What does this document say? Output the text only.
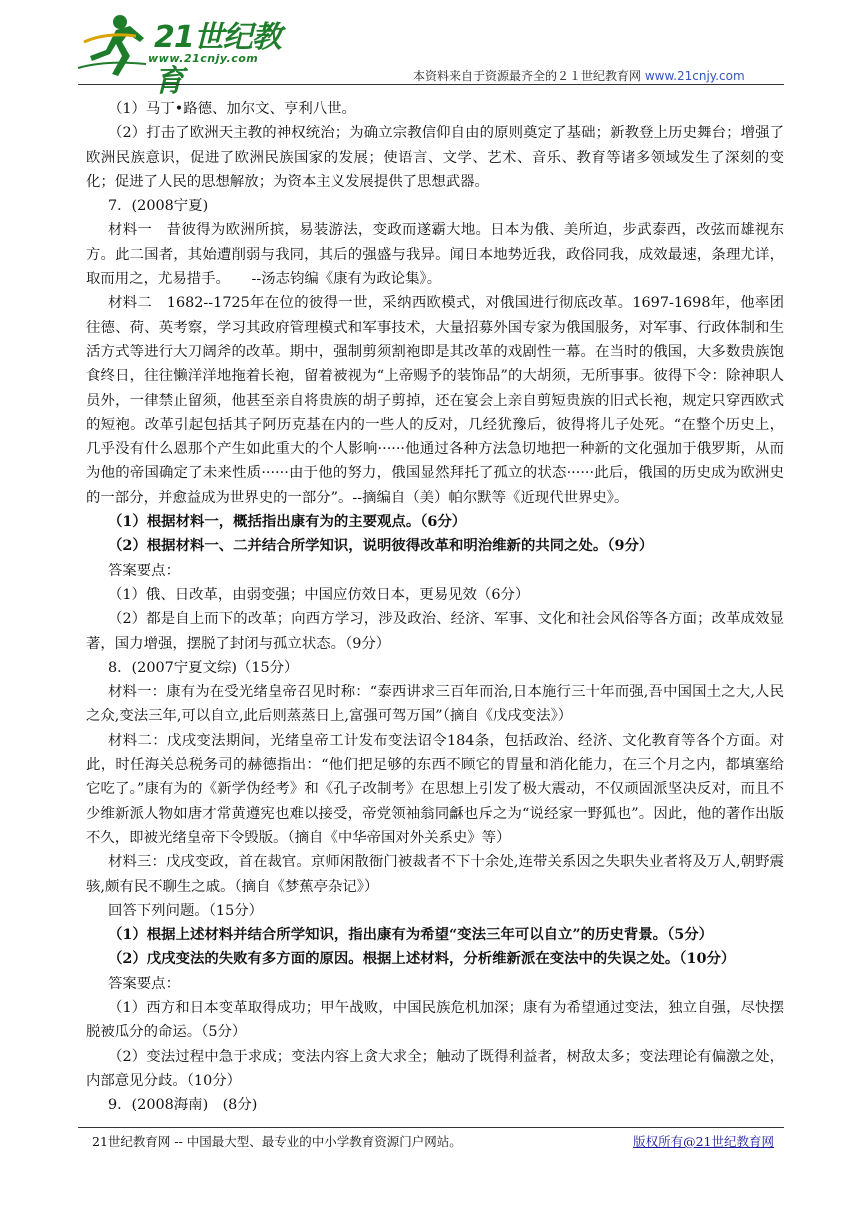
21世纪教育
www.21cnjy.com
本资料来自于资源最齐全的２１世纪教育网 www.21cnjy.com

（1）马丁•路德、加尔文、亨利八世。

（2）打击了欧洲天主教的神权统治；为确立宗教信仰自由的原则奠定了基础；新教登上历史舞台；增强了欧洲民族意识，促进了欧洲民族国家的发展；使语言、文学、艺术、音乐、教育等诸多领域发生了深刻的变化；促进了人民的思想解放；为资本主义发展提供了思想武器。

7．(2008宁夏)

材料一　昔彼得为欧洲所摈，易装游法，变政而遂霸大地。日本为俄、美所迫，步武泰西，改弦而雄视东方。此二国者，其始遭削弱与我同，其后的强盛与我异。闻日本地势近我，政俗同我，成效最速，条理尤详，取而用之，尤易措手。　　--汤志钧编《康有为政论集》。

材料二　1682--1725年在位的彼得一世，采纳西欧模式，对俄国进行彻底改革。1697-1698年，他率团往德、荷、英考察，学习其政府管理模式和军事技术，大量招募外国专家为俄国服务，对军事、行政体制和生活方式等进行大刀阔斧的改革。期中，强制剪须割袍即是其改革的戏剧性一幕。在当时的俄国，大多数贵族饱食终日，往往懒洋洋地拖着长袍，留着被视为“上帝赐予的装饰品”的大胡须，无所事事。彼得下令：除神职人员外，一律禁止留须，他甚至亲自将贵族的胡子剪掉，还在宴会上亲自剪短贵族的旧式长袍，规定只穿西欧式的短袍。改革引起包括其子阿历克基在内的一些人的反对，几经犹豫后，彼得将儿子处死。“在整个历史上，几乎没有什么恩那个产生如此重大的个人影响······他通过各种方法急切地把一种新的文化强加于俄罗斯，从而为他的帝国确定了未来性质······由于他的努力，俄国显然拜托了孤立的状态······此后，俄国的历史成为欧洲史的一部分，并愈益成为世界史的一部分”。--摘编自（美）帕尔默等《近现代世界史》。

（1）根据材料一，概括指出康有为的主要观点。（6分）

（2）根据材料一、二并结合所学知识，说明彼得改革和明治维新的共同之处。（9分）

答案要点：

（1）俄、日改革，由弱变强；中国应仿效日本，更易见效（6分）

（2）都是自上而下的改革；向西方学习，涉及政治、经济、军事、文化和社会风俗等各方面；改革成效显著，国力增强，摆脱了封闭与孤立状态。（9分）

8．(2007宁夏文综)（15分）

材料一：康有为在受光绪皇帝召见时称：“泰西讲求三百年而治,日本施行三十年而强,吾中国国土之大,人民之众,变法三年,可以自立,此后则蒸蒸日上,富强可驾万国”（摘自《戊戌变法》）

材料二：戊戌变法期间，光绪皇帝工计发布变法诏令184条，包括政治、经济、文化教育等各个方面。对此，时任海关总税务司的赫德指出：“他们把足够的东西不顾它的胃量和消化能力，在三个月之内，都填塞给它吃了。”康有为的《新学伪经考》和《孔子改制考》在思想上引发了极大震动，不仅顽固派坚决反对，而且不少维新派人物如唐才常黄遵宪也难以接受，帝党领袖翁同龢也斥之为“说经家一野狐也”。因此，他的著作出版不久，即被光绪皇帝下令毁版。（摘自《中华帝国对外关系史》等）

材料三：戊戌变政，首在裁官。京师闲散衙门被裁者不下十余处,连带关系因之失职失业者将及万人,朝野震骇,颇有民不聊生之戚。（摘自《梦蕉亭杂记》）

回答下列问题。（15分）

（1）根据上述材料并结合所学知识，指出康有为希望“变法三年可以自立”的历史背景。（5分）

（2）戊戌变法的失败有多方面的原因。根据上述材料，分析维新派在变法中的失误之处。（10分）

答案要点：

（1）西方和日本变革取得成功；甲午战败，中国民族危机加深；康有为希望通过变法，独立自强，尽快摆脱被瓜分的命运。（5分）

（2）变法过程中急于求成；变法内容上贪大求全；触动了既得利益者，树敌太多；变法理论有偏激之处，内部意见分歧。（10分）

9．(2008海南)　(8分)

21世纪教育网 -- 中国最大型、最专业的中小学教育资源门户网站。	版权所有@21世纪教育网
